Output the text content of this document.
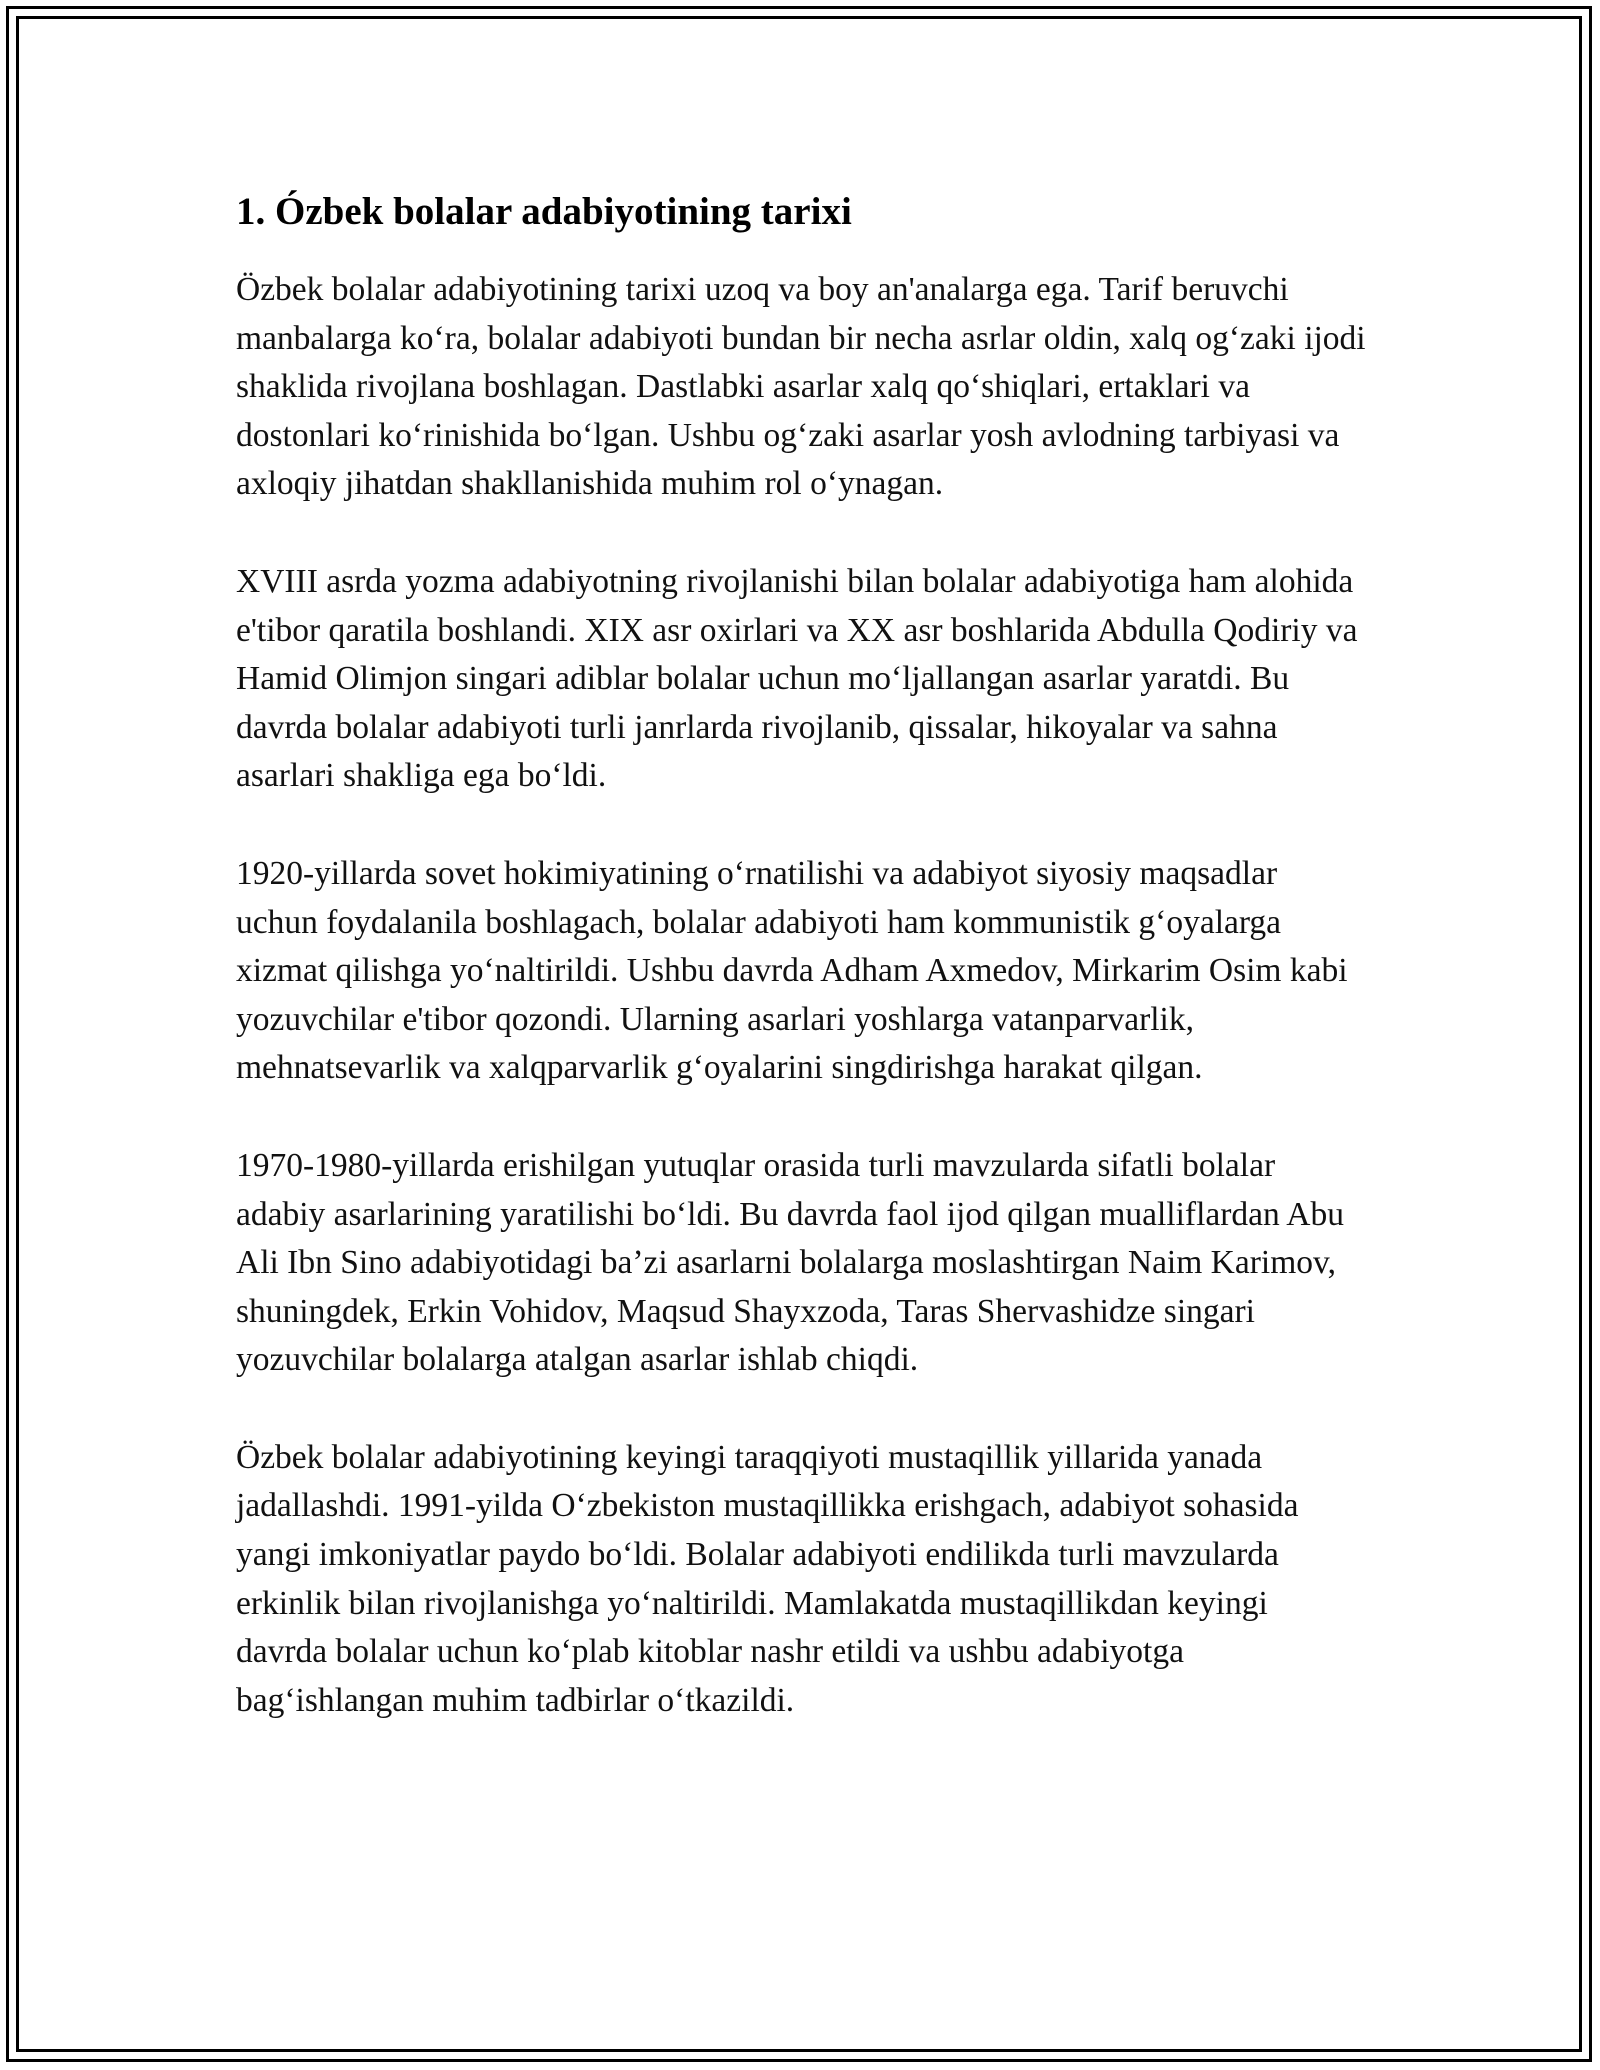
1. Ózbek bolalar adabiyotining tarixi

Özbek bolalar adabiyotining tarixi uzoq va boy an'analarga ega. Tarif beruvchi manbalarga koʻra, bolalar adabiyoti bundan bir necha asrlar oldin, xalq ogʻzaki ijodi shaklida rivojlana boshlagan. Dastlabki asarlar xalq qoʻshiqlari, ertaklari va dostonlari koʻrinishida boʻlgan. Ushbu ogʻzaki asarlar yosh avlodning tarbiyasi va axloqiy jihatdan shakllanishida muhim rol oʻynagan.

XVIII asrda yozma adabiyotning rivojlanishi bilan bolalar adabiyotiga ham alohida e'tibor qaratila boshlandi. XIX asr oxirlari va XX asr boshlarida Abdulla Qodiriy va Hamid Olimjon singari adiblar bolalar uchun moʻljallangan asarlar yaratdi. Bu davrda bolalar adabiyoti turli janrlarda rivojlanib, qissalar, hikoyalar va sahna asarlari shakliga ega boʻldi.

1920-yillarda sovet hokimiyatining oʻrnatilishi va adabiyot siyosiy maqsadlar uchun foydalanila boshlagach, bolalar adabiyoti ham kommunistik gʻoyalarga xizmat qilishga yoʻnaltirildi. Ushbu davrda Adham Axmedov, Mirkarim Osim kabi yozuvchilar e'tibor qozondi. Ularning asarlari yoshlarga vatanparvarlik, mehnatsevarlik va xalqparvarlik gʻoyalarini singdirishga harakat qilgan.

1970-1980-yillarda erishilgan yutuqlar orasida turli mavzularda sifatli bolalar adabiy asarlarining yaratilishi boʻldi. Bu davrda faol ijod qilgan mualliflardan Abu Ali Ibn Sino adabiyotidagi baʼzi asarlarni bolalarga moslashtirgan Naim Karimov, shuningdek, Erkin Vohidov, Maqsud Shayxzoda, Taras Shervashidze singari yozuvchilar bolalarga atalgan asarlar ishlab chiqdi.

Özbek bolalar adabiyotining keyingi taraqqiyoti mustaqillik yillarida yanada jadallashdi. 1991-yilda Oʻzbekiston mustaqillikka erishgach, adabiyot sohasida yangi imkoniyatlar paydo boʻldi. Bolalar adabiyoti endilikda turli mavzularda erkinlik bilan rivojlanishga yoʻnaltirildi. Mamlakatda mustaqillikdan keyingi davrda bolalar uchun koʻplab kitoblar nashr etildi va ushbu adabiyotga bagʻishlangan muhim tadbirlar oʻtkazildi.
